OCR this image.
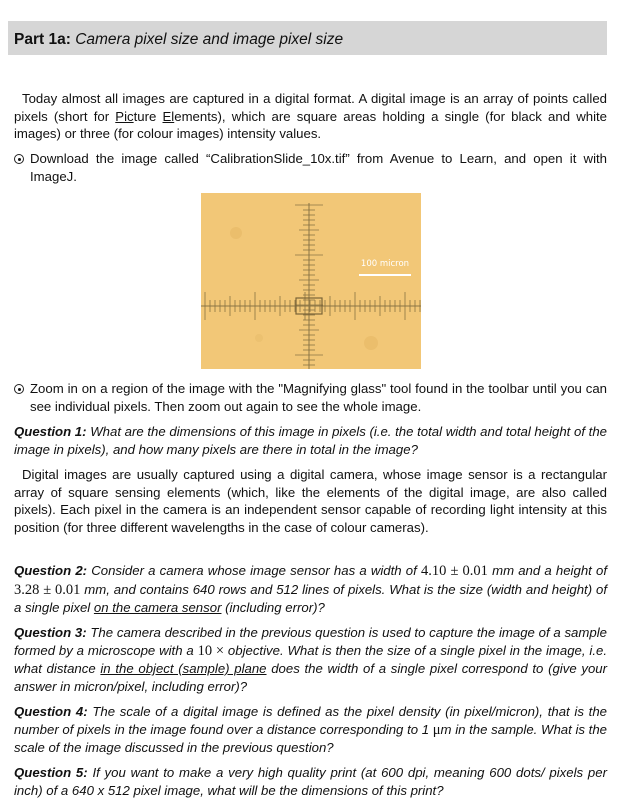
Part 1a: Camera pixel size and image pixel size
Today almost all images are captured in a digital format. A digital image is an array of points called pixels (short for Picture Elements), which are square areas holding a single (for black and white images) or three (for colour images) intensity values.
Download the image called “CalibrationSlide_10x.tif” from Avenue to Learn, and open it with ImageJ.
100 micron
Zoom in on a region of the image with the "Magnifying glass" tool found in the toolbar until you can see individual pixels. Then zoom out again to see the whole image.
Question 1: What are the dimensions of this image in pixels (i.e. the total width and total height of the image in pixels), and how many pixels are there in total in the image?
Digital images are usually captured using a digital camera, whose image sensor is a rectangular array of square sensing elements (which, like the elements of the digital image, are also called pixels). Each pixel in the camera is an independent sensor capable of recording light intensity at this position (for three different wavelengths in the case of colour cameras).
Question 2: Consider a camera whose image sensor has a width of 4.10 ± 0.01 mm and a height of 3.28 ± 0.01 mm, and contains 640 rows and 512 lines of pixels. What is the size (width and height) of a single pixel on the camera sensor (including error)?
Question 3: The camera described in the previous question is used to capture the image of a sample formed by a microscope with a 10 × objective. What is then the size of a single pixel in the image, i.e. what distance in the object (sample) plane does the width of a single pixel correspond to (give your answer in micron/pixel, including error)?
Question 4: The scale of a digital image is defined as the pixel density (in pixel/micron), that is the number of pixels in the image found over a distance corresponding to 1 μm in the sample. What is the scale of the image discussed in the previous question?
Question 5: If you want to make a very high quality print (at 600 dpi, meaning 600 dots/ pixels per inch) of a 640 x 512 pixel image, what will be the dimensions of this print?
